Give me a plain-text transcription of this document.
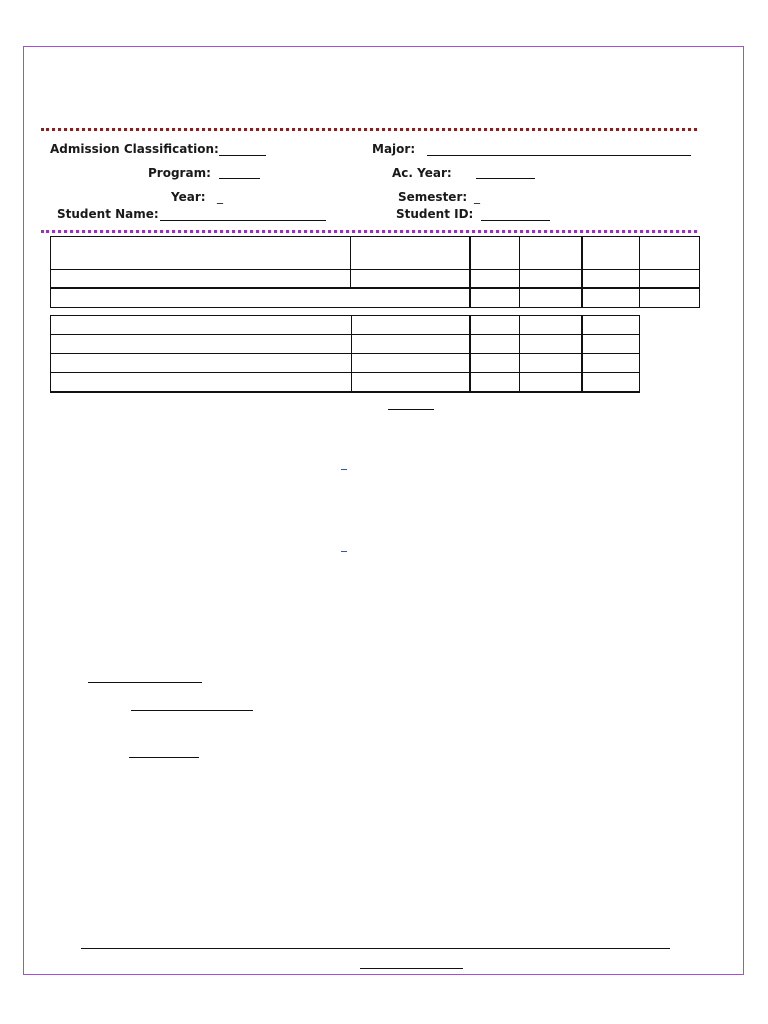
Admission Classification:	Major:
Program:	Ac. Year:
Year: _	Semester: _
Student Name:	Student ID:
